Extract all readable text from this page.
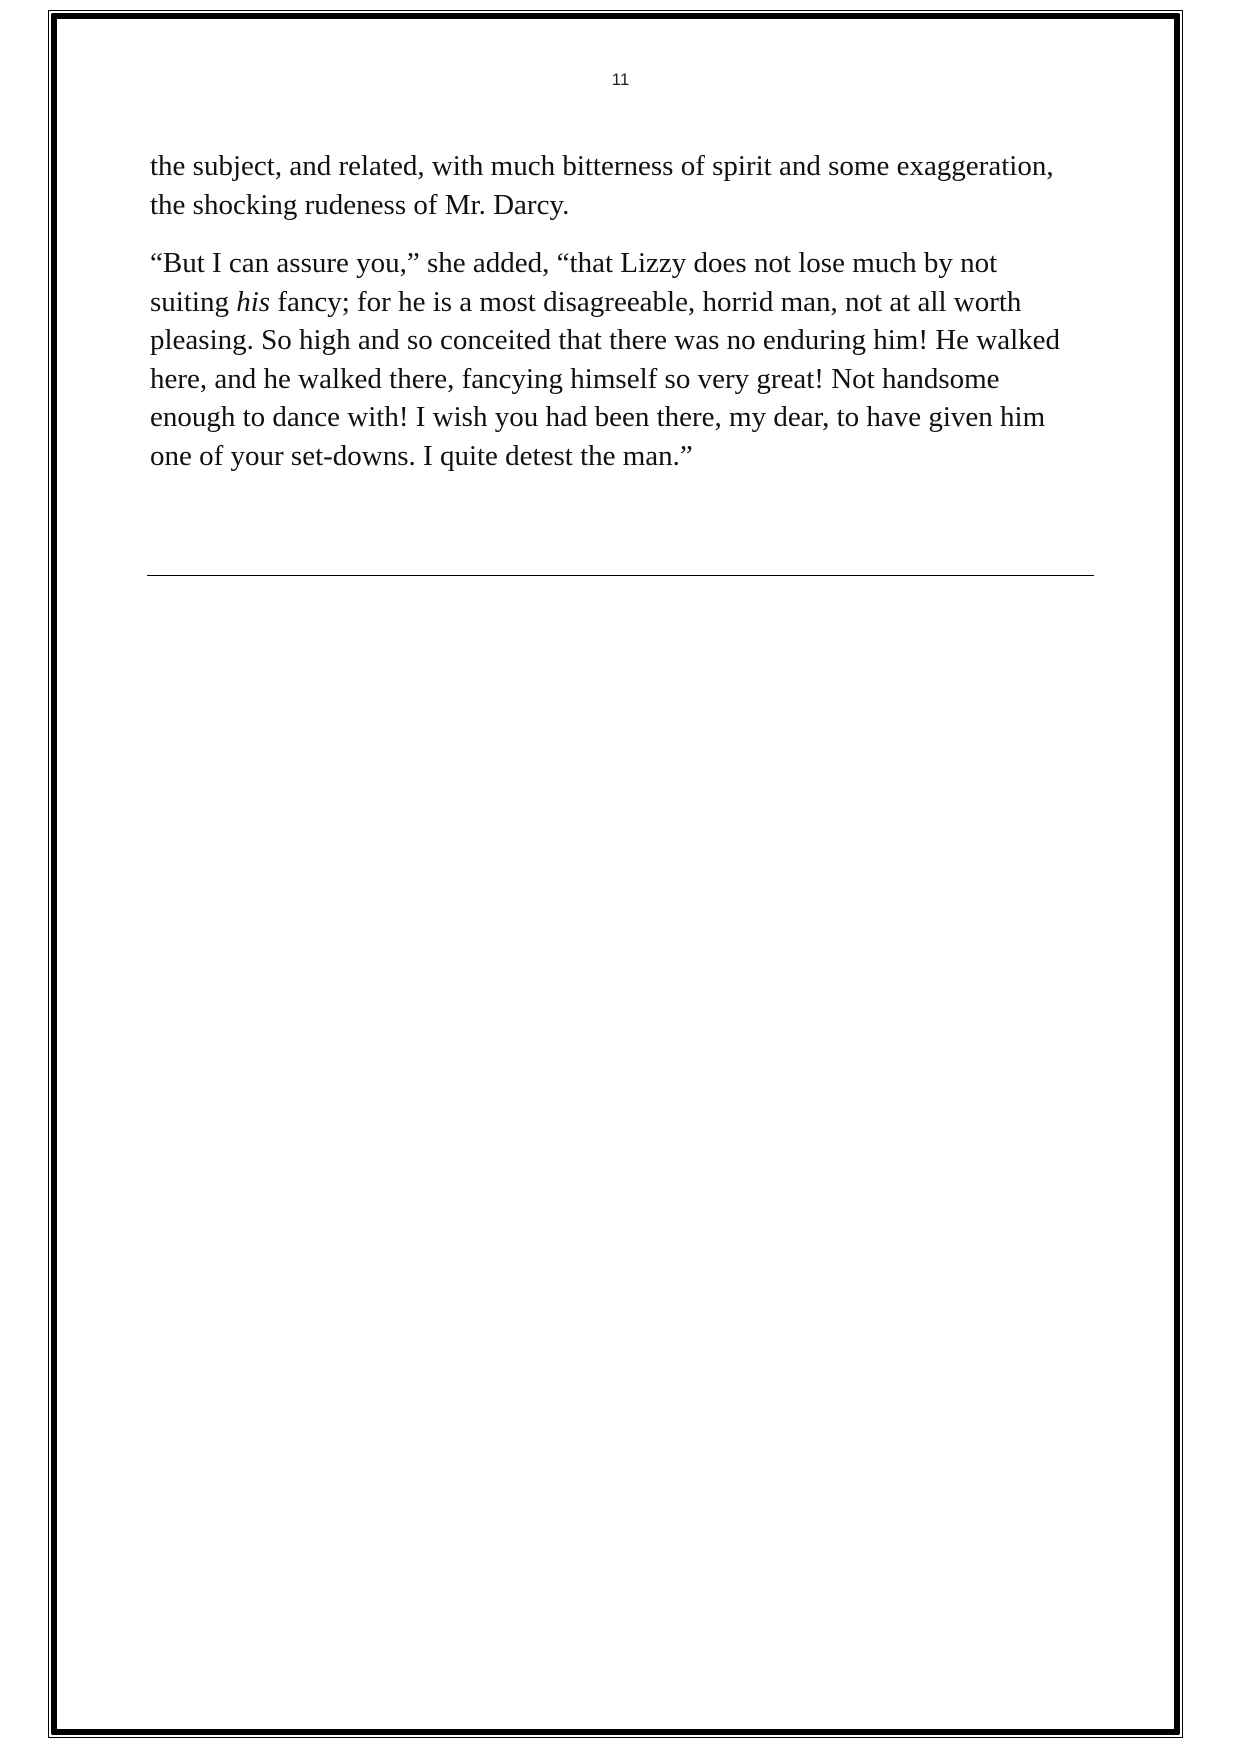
11

the subject, and related, with much bitterness of spirit and some exaggeration, the shocking rudeness of Mr. Darcy.

“But I can assure you,” she added, “that Lizzy does not lose much by not suiting his fancy; for he is a most disagreeable, horrid man, not at all worth pleasing. So high and so conceited that there was no enduring him! He walked here, and he walked there, fancying himself so very great! Not handsome enough to dance with! I wish you had been there, my dear, to have given him one of your set-downs. I quite detest the man.”
